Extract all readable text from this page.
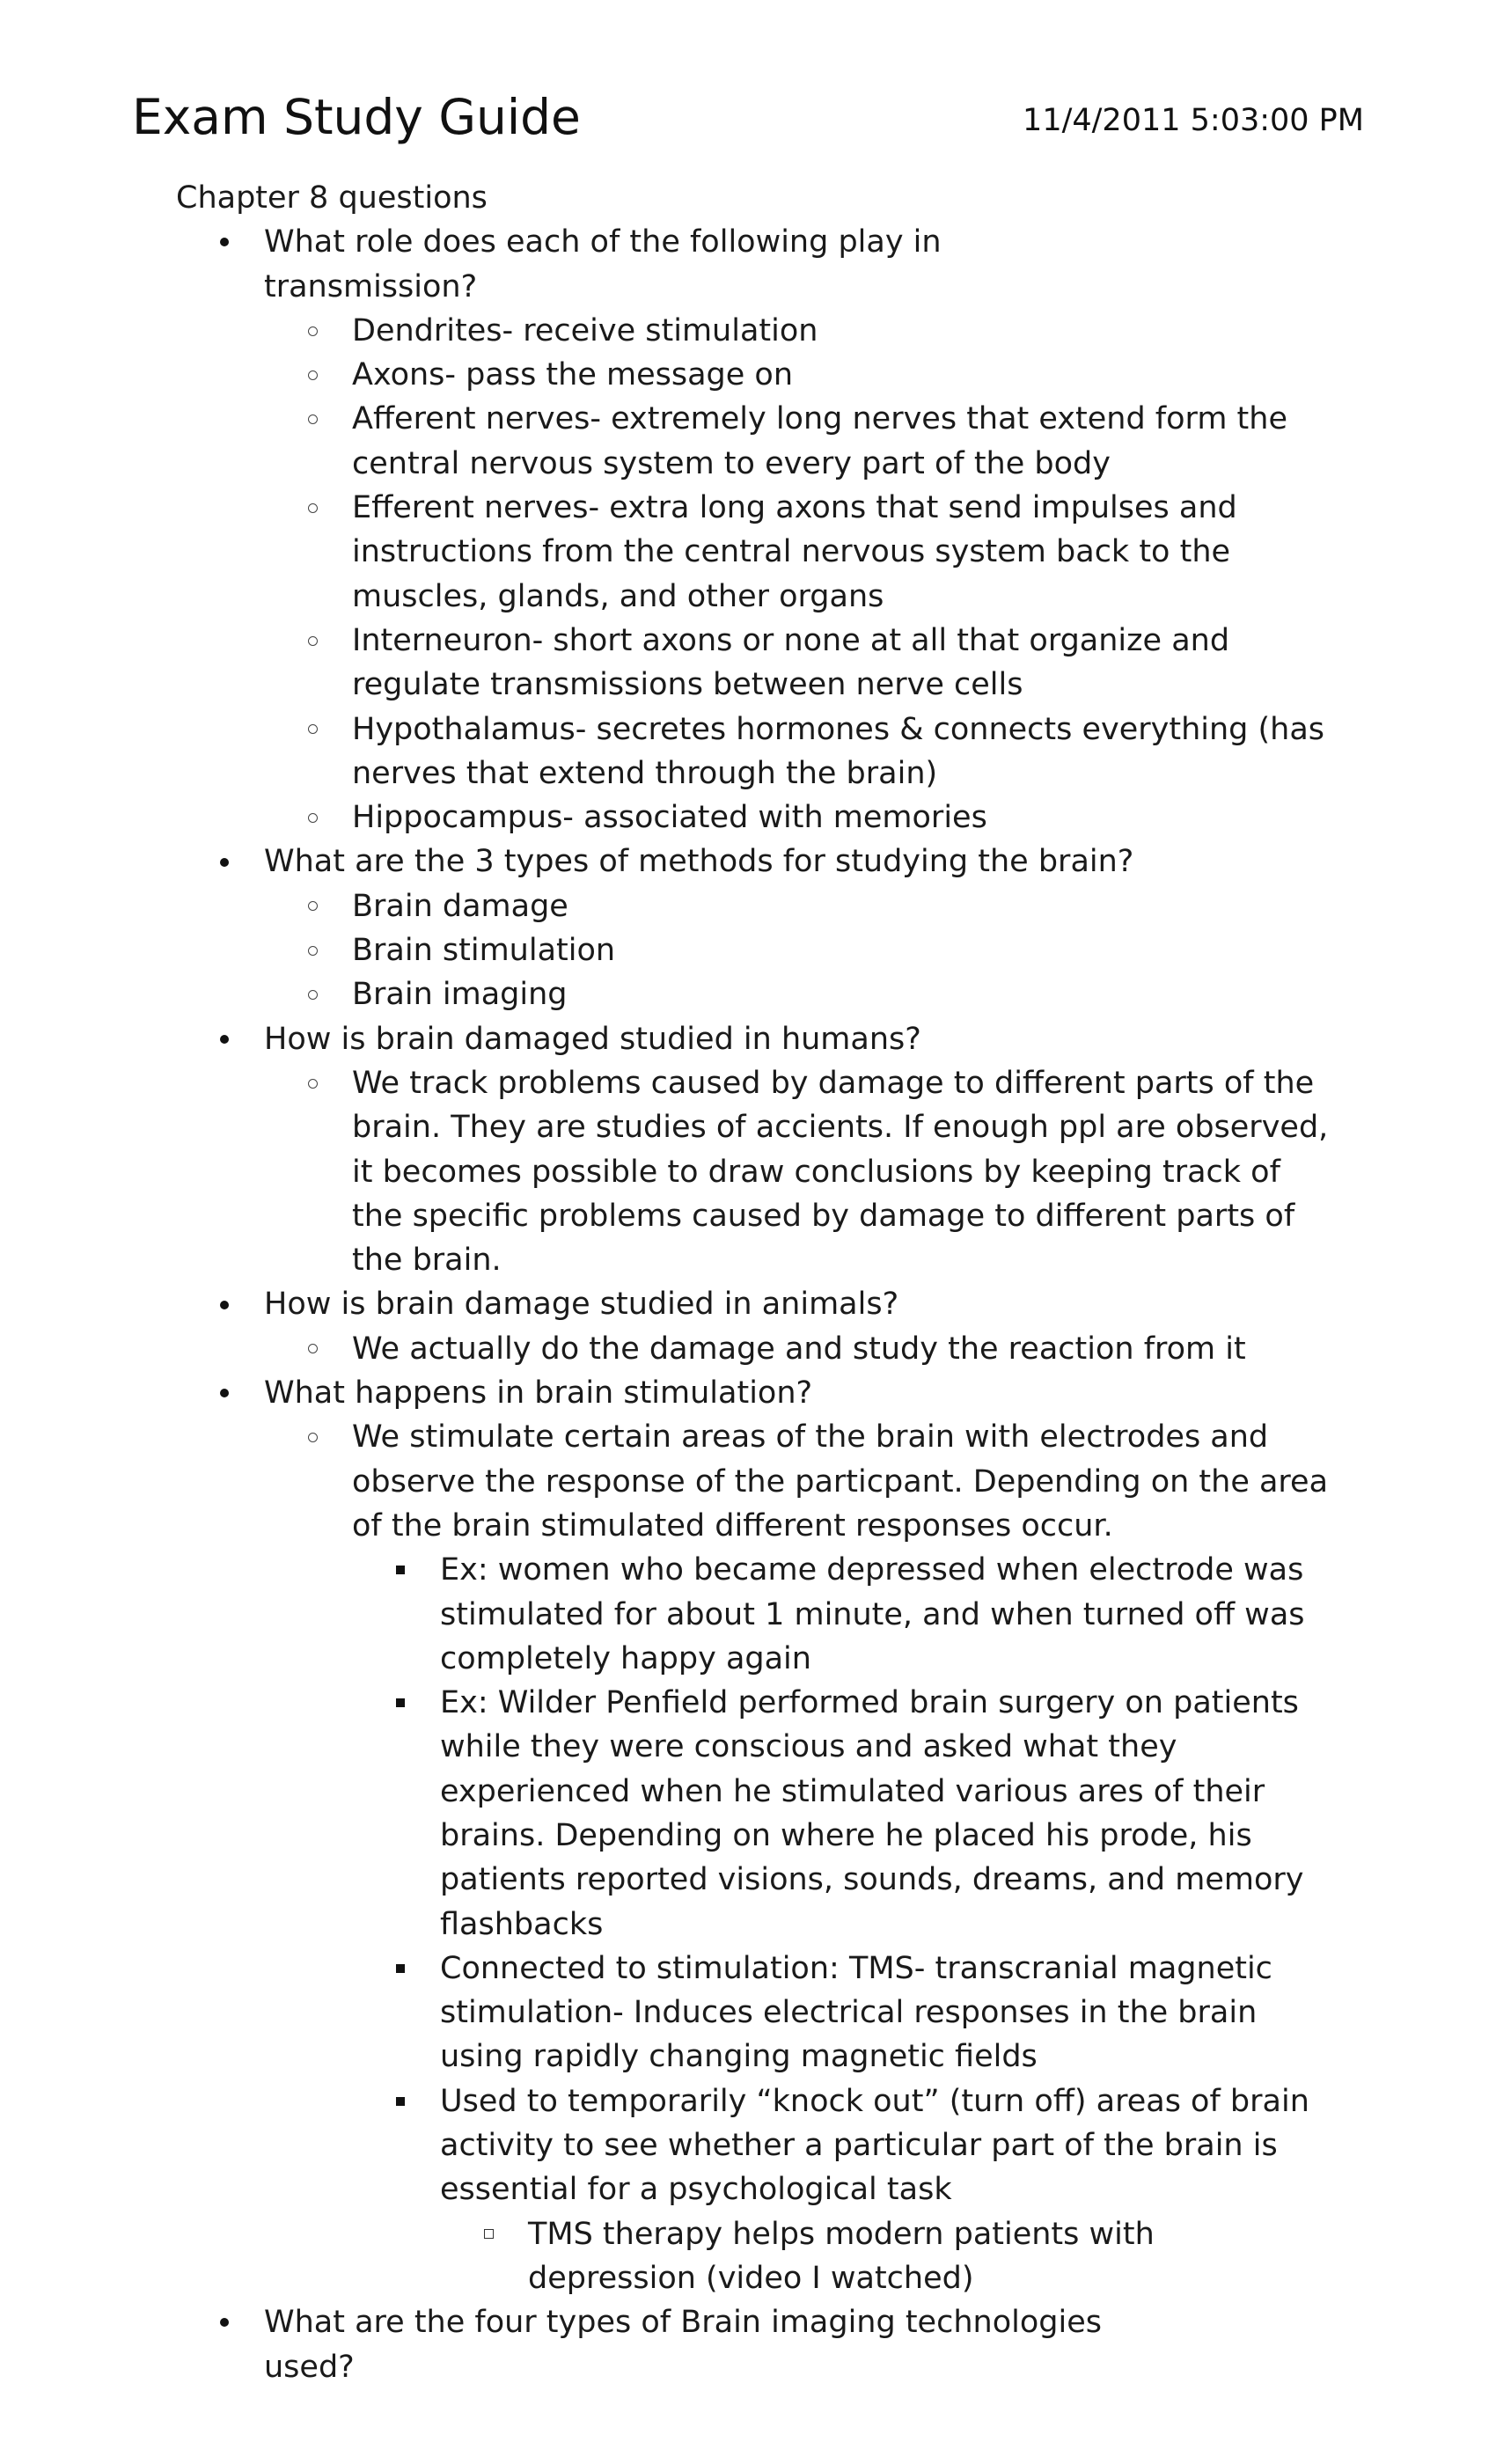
Exam Study Guide	11/4/2011 5:03:00 PM
Chapter 8 questions
What role does each of the following play in transmission?
Dendrites- receive stimulation
Axons- pass the message on
Afferent nerves- extremely long nerves that extend form the central nervous system to every part of the body
Efferent nerves- extra long axons that send impulses and instructions from the central nervous system back to the muscles, glands, and other organs
Interneuron- short axons or none at all that organize and regulate transmissions between nerve cells
Hypothalamus- secretes hormones & connects everything (has nerves that extend through the brain)
Hippocampus- associated with memories
What are the 3 types of methods for studying the brain?
Brain damage
Brain stimulation
Brain imaging
How is brain damaged studied in humans?
We track problems caused by damage to different parts of the brain. They are studies of accients. If enough ppl are observed, it becomes possible to draw conclusions by keeping track of the specific problems caused by damage to different parts of the brain.
How is brain damage studied in animals?
We actually do the damage and study the reaction from it
What happens in brain stimulation?
We stimulate certain areas of the brain with electrodes and observe the response of the particpant. Depending on the area of the brain stimulated different responses occur.
Ex: women who became depressed when electrode was stimulated for about 1 minute, and when turned off was completely happy again
Ex: Wilder Penfield performed brain surgery on patients while they were conscious and asked what they experienced when he stimulated various ares of their brains. Depending on where he placed his prode, his patients reported visions, sounds, dreams, and memory flashbacks
Connected to stimulation: TMS- transcranial magnetic stimulation- Induces electrical responses in the brain using rapidly changing magnetic fields
Used to temporarily “knock out” (turn off) areas of brain activity to see whether a particular part of the brain is essential for a psychological task
TMS therapy helps modern patients with depression (video I watched)
What are the four types of Brain imaging technologies used?
